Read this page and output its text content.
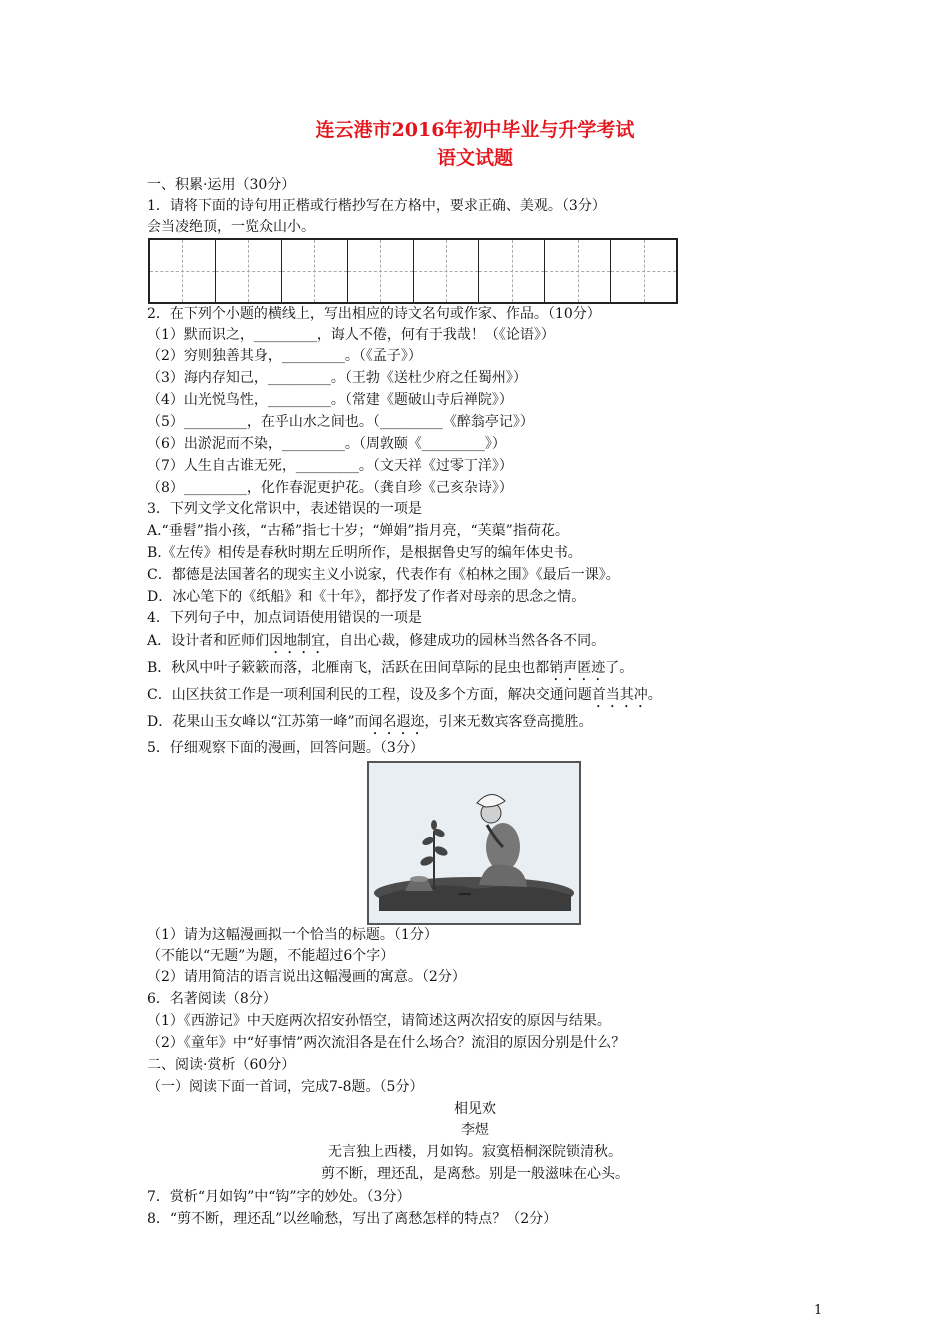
连云港市2016年初中毕业与升学考试
语文试题
一、积累·运用（30分）
1．请将下面的诗句用正楷或行楷抄写在方格中，要求正确、美观。（3分）
会当凌绝顶，一览众山小。
2．在下列个小题的横线上，写出相应的诗文名句或作家、作品。（10分）
（1）默而识之，_________，诲人不倦，何有于我哉！（《论语》）
（2）穷则独善其身，_________。（《孟子》）
（3）海内存知己，_________。（王勃《送杜少府之任蜀州》）
（4）山光悦鸟性，_________。（常建《题破山寺后禅院》）
（5）_________，在乎山水之间也。（_________《醉翁亭记》）
（6）出淤泥而不染，_________。（周敦颐《_________》）
（7）人生自古谁无死，_________。（文天祥《过零丁洋》）
（8）_________，化作春泥更护花。（龚自珍《己亥杂诗》）
3．下列文学文化常识中，表述错误的一项是
A.“垂髫”指小孩，“古稀”指七十岁；“婵娟”指月亮，“芙蕖”指荷花。
B.《左传》相传是春秋时期左丘明所作，是根据鲁史写的编年体史书。
C．都德是法国著名的现实主义小说家，代表作有《柏林之围》《最后一课》。
D．冰心笔下的《纸船》和《十年》，都抒发了作者对母亲的思念之情。
4．下列句子中，加点词语使用错误的一项是
A．设计者和匠师们因地制宜，自出心裁，修建成功的园林当然各各不同。
B．秋风中叶子簌簌而落，北雁南飞，活跃在田间草际的昆虫也都销声匿迹了。
C．山区扶贫工作是一项利国利民的工程，设及多个方面，解决交通问题首当其冲。
D．花果山玉女峰以“江苏第一峰”而闻名遐迩，引来无数宾客登高揽胜。
5．仔细观察下面的漫画，回答问题。（3分）
（1）请为这幅漫画拟一个恰当的标题。（1分）
（不能以“无题”为题，不能超过6个字）
（2）请用简洁的语言说出这幅漫画的寓意。（2分）
6．名著阅读（8分）
（1）《西游记》中天庭两次招安孙悟空，请简述这两次招安的原因与结果。
（2）《童年》中“好事情”两次流泪各是在什么场合？流泪的原因分别是什么？
二、阅读·赏析（60分）
（一）阅读下面一首词，完成7-8题。（5分）
相见欢
李煜
无言独上西楼，月如钩。寂寞梧桐深院锁清秋。
剪不断，理还乱，是离愁。别是一般滋味在心头。
7．赏析“月如钩”中“钩”字的妙处。（3分）
8．“剪不断，理还乱”以丝喻愁，写出了离愁怎样的特点？（2分）
1
